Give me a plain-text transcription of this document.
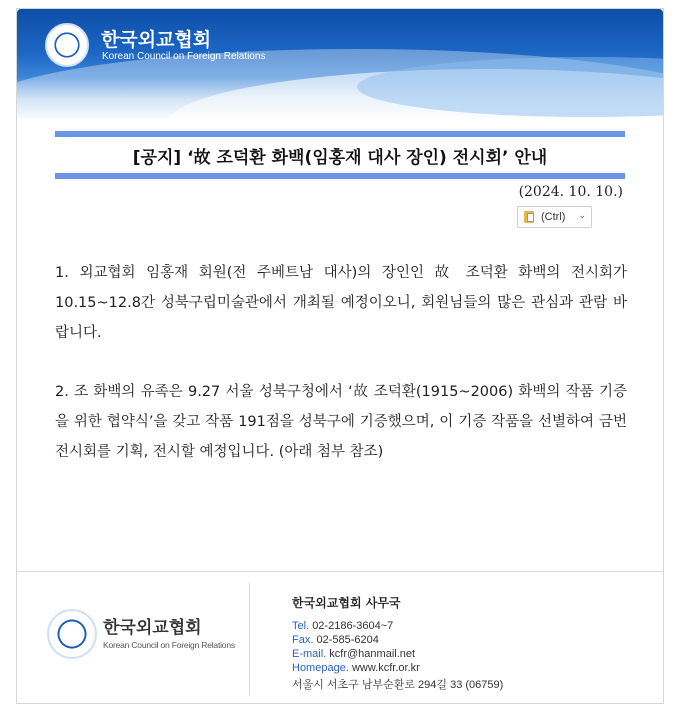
한국외교협회
Korean Council on Foreign Relations
[공지] ‘故 조덕환 화백(임홍재 대사 장인) 전시회’ 안내
(2024. 10. 10.)
(Ctrl) ⌄
1. 외교협회 임홍재 회원(전 주베트남 대사)의 장인인 故 조덕환 화백의 전시회가 10.15~12.8간 성북구립미술관에서 개최될 예정이오니, 회원님들의 많은 관심과 관람 바랍니다.
2. 조 화백의 유족은 9.27 서울 성북구청에서 ‘故 조덕환(1915~2006) 화백의 작품 기증을 위한 협약식’을 갖고 작품 191점을 성북구에 기증했으며, 이 기증 작품을 선별하여 금번 전시회를 기획, 전시할 예정입니다. (아래 첨부 참조)
한국외교협회
Korean Council on Foreign Relations
한국외교협회 사무국
Tel. 02-2186-3604~7
Fax. 02-585-6204
E-mail. kcfr@hanmail.net
Homepage. www.kcfr.or.kr
서울시 서초구 남부순환로 294길 33 (06759)
